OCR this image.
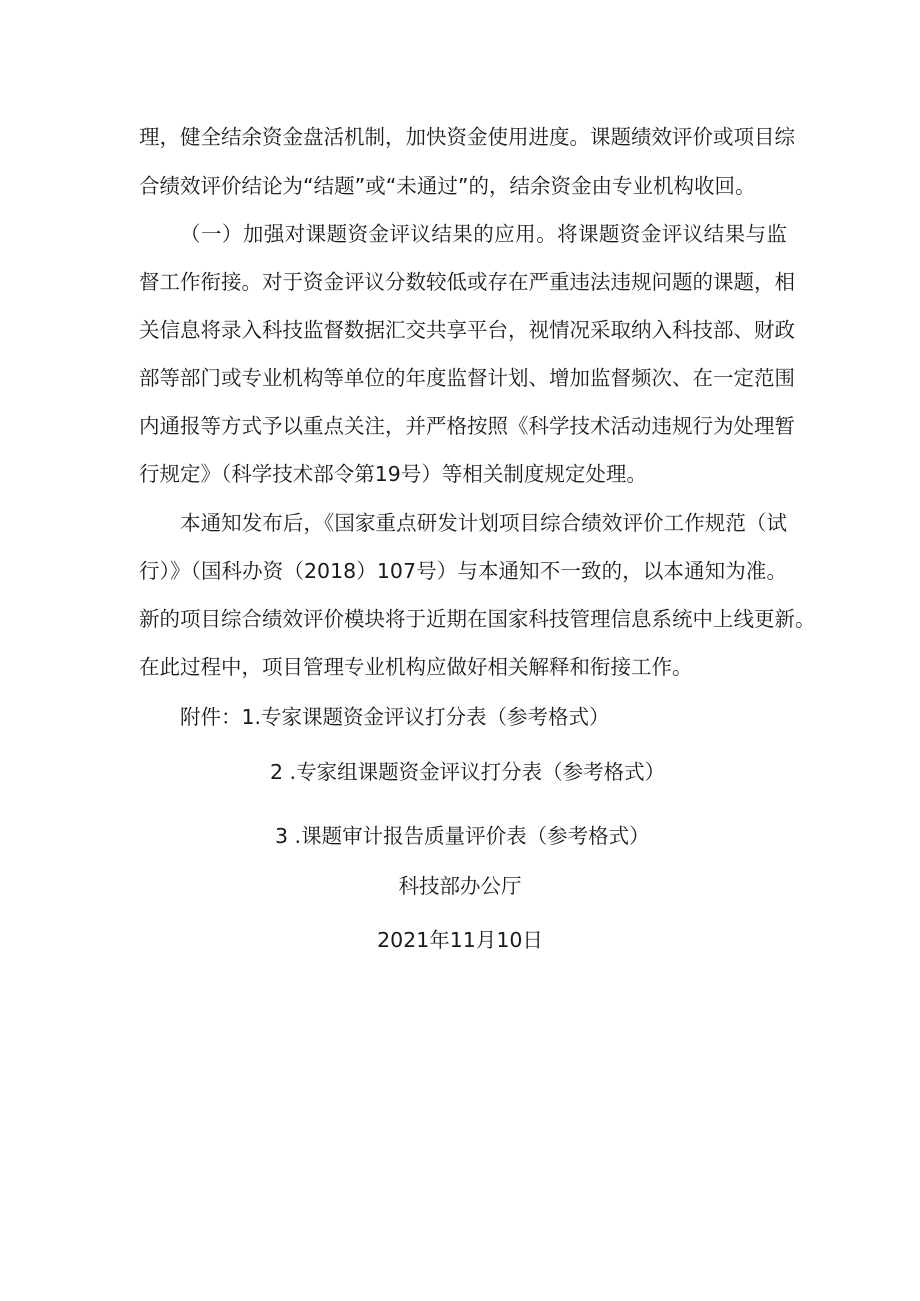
理，健全结余资金盘活机制，加快资金使用进度。课题绩效评价或项目综
合绩效评价结论为“结题”或“未通过”的，结余资金由专业机构收回。
（一）加强对课题资金评议结果的应用。将课题资金评议结果与监
督工作衔接。对于资金评议分数较低或存在严重违法违规问题的课题，相
关信息将录入科技监督数据汇交共享平台，视情况采取纳入科技部、财政
部等部门或专业机构等单位的年度监督计划、增加监督频次、在一定范围
内通报等方式予以重点关注，并严格按照《科学技术活动违规行为处理暂
行规定》（科学技术部令第19号）等相关制度规定处理。
本通知发布后，《国家重点研发计划项目综合绩效评价工作规范（试
行）》（国科办资（2018）107号）与本通知不一致的，以本通知为准。
新的项目综合绩效评价模块将于近期在国家科技管理信息系统中上线更新。
在此过程中，项目管理专业机构应做好相关解释和衔接工作。
附件：1.专家课题资金评议打分表（参考格式）
2 .专家组课题资金评议打分表（参考格式）
3 .课题审计报告质量评价表（参考格式）
科技部办公厅
2021年11月10日
